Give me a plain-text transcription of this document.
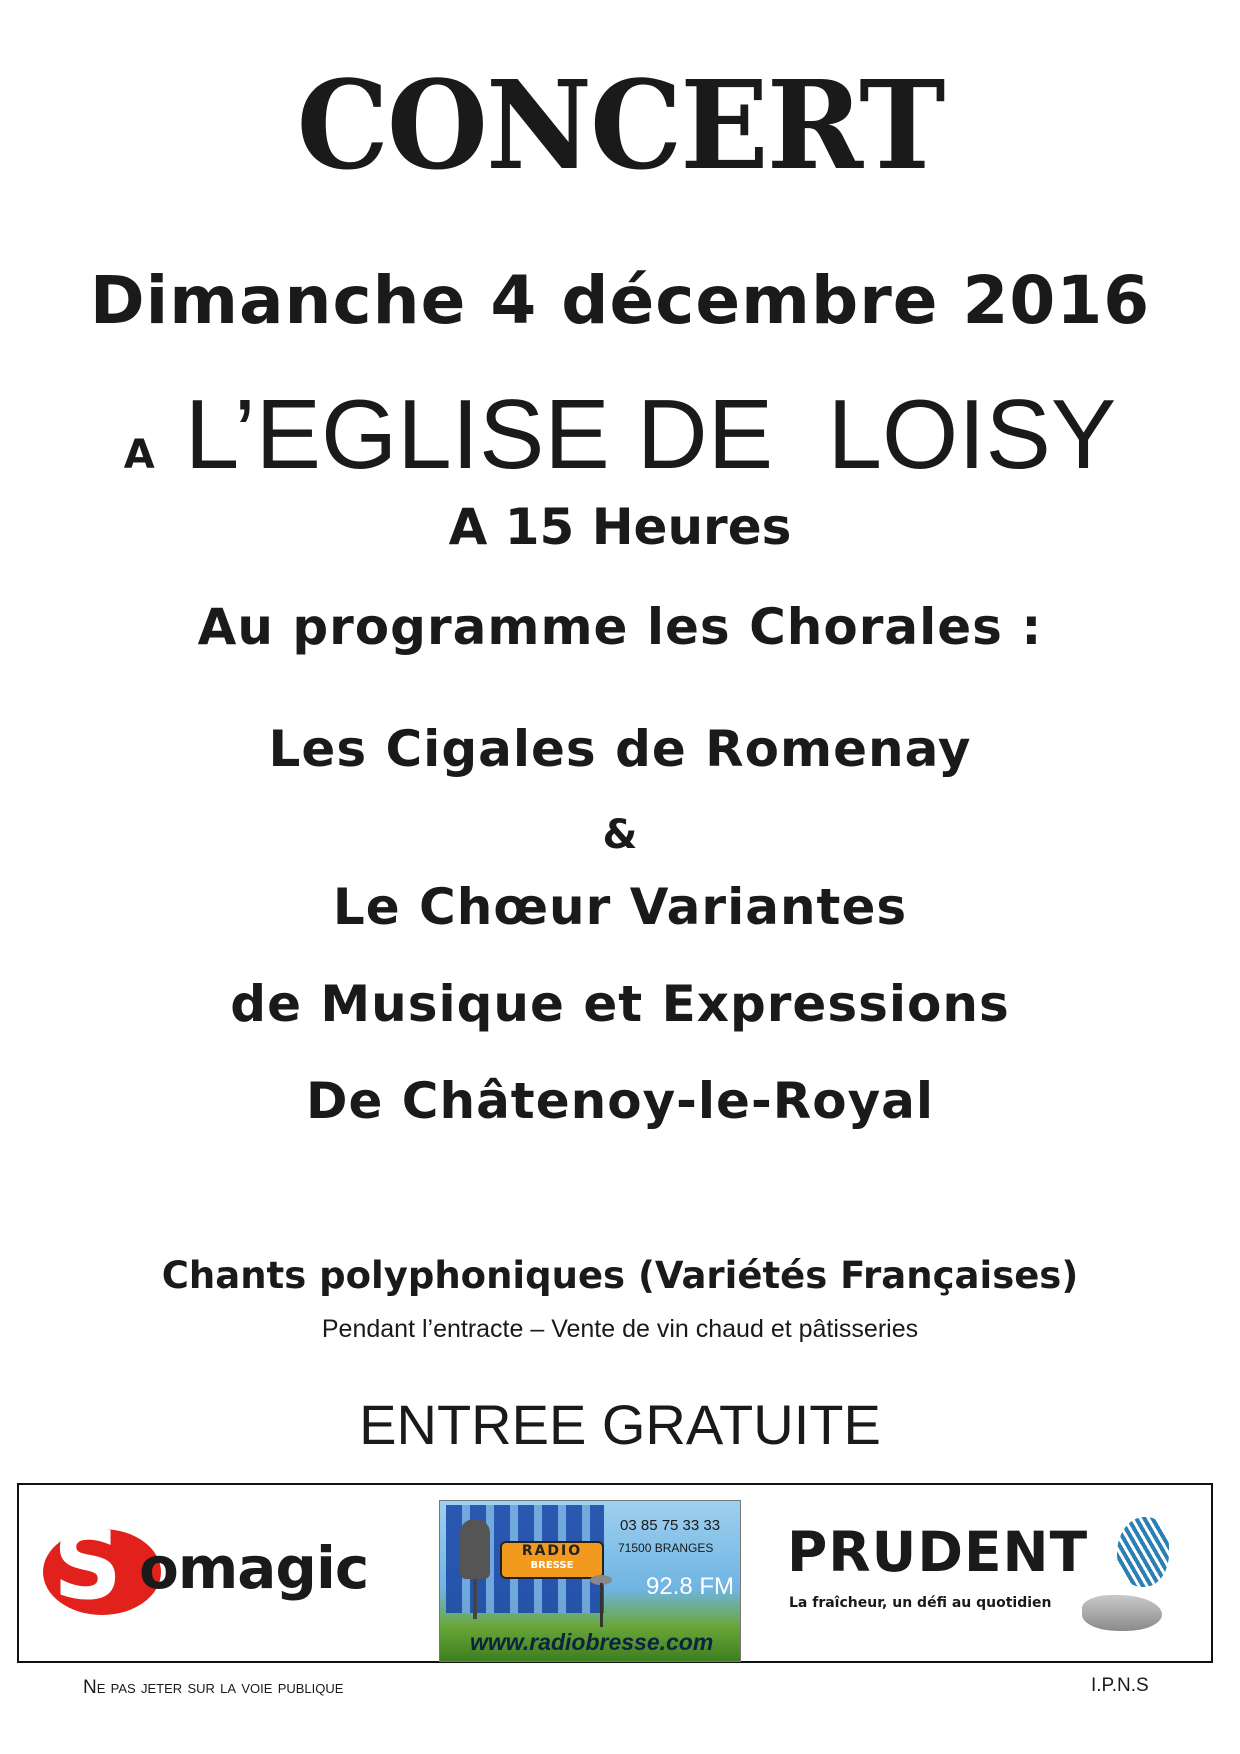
CONCERT
Dimanche 4 décembre 2016
A L’EGLISE DE  LOISY
A 15 Heures
Au programme les Chorales :
Les Cigales de Romenay
&
Le Chœur Variantes
de Musique et Expressions
De Châtenoy-le-Royal
Chants polyphoniques (Variétés Françaises)
Pendant l’entracte – Vente de vin chaud et pâtisseries
ENTREE GRATUITE
S omagic	RADIO
BRESSE
03 85 75 33 33
71500 BRANGES
92.8 FM
www.radiobresse.com
PRUDENT
La fraîcheur, un défi au quotidien
Ne pas jeter sur la voie publique	I.P.N.S
